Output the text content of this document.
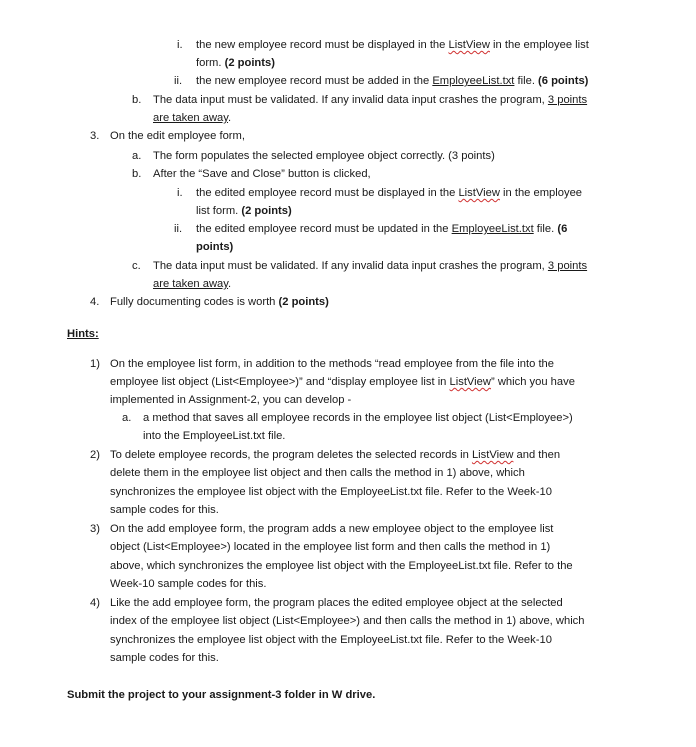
i. the new employee record must be displayed in the ListView in the employee list
form. (2 points)
ii. the new employee record must be added in the EmployeeList.txt file. (6 points)
b. The data input must be validated. If any invalid data input crashes the program, 3 points
are taken away.
3. On the edit employee form,
a. The form populates the selected employee object correctly. (3 points)
b. After the “Save and Close” button is clicked,
i. the edited employee record must be displayed in the ListView in the employee
list form. (2 points)
ii. the edited employee record must be updated in the EmployeeList.txt file. (6
points)
c. The data input must be validated. If any invalid data input crashes the program, 3 points
are taken away.
4. Fully documenting codes is worth (2 points)
Hints:
1) On the employee list form, in addition to the methods “read employee from the file into the
employee list object (List<Employee>)” and “display employee list in ListView” which you have
implemented in Assignment-2, you can develop -
a. a method that saves all employee records in the employee list object (List<Employee>)
into the EmployeeList.txt file.
2) To delete employee records, the program deletes the selected records in ListView and then
delete them in the employee list object and then calls the method in 1) above, which
synchronizes the employee list object with the EmployeeList.txt file. Refer to the Week-10
sample codes for this.
3) On the add employee form, the program adds a new employee object to the employee list
object (List<Employee>) located in the employee list form and then calls the method in 1)
above, which synchronizes the employee list object with the EmployeeList.txt file. Refer to the
Week-10 sample codes for this.
4) Like the add employee form, the program places the edited employee object at the selected
index of the employee list object (List<Employee>) and then calls the method in 1) above, which
synchronizes the employee list object with the EmployeeList.txt file. Refer to the Week-10
sample codes for this.
Submit the project to your assignment-3 folder in W drive.
